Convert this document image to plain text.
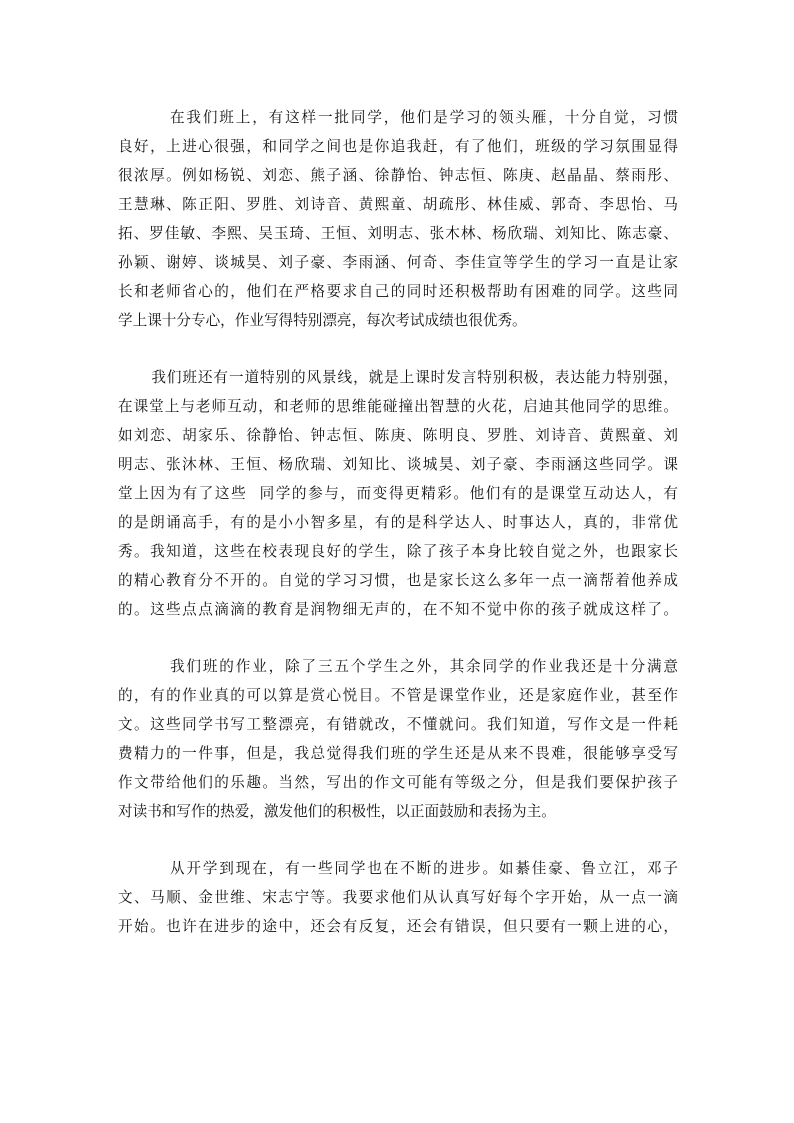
在我们班上，有这样一批同学，他们是学习的领头雁，十分自觉，习惯
良好，上进心很强，和同学之间也是你追我赶，有了他们，班级的学习氛围显得
很浓厚。例如杨锐、刘恋、熊子涵、徐静怡、钟志恒、陈庚、赵晶晶、蔡雨彤、
王慧琳、陈正阳、罗胜、刘诗音、黄熙童、胡疏彤、林佳威、郭奇、李思怡、马
拓、罗佳敏、李熙、吴玉琦、王恒、刘明志、张木林、杨欣瑞、刘知比、陈志豪、
孙颖、谢婷、谈城昊、刘子豪、李雨涵、何奇、李佳宣等学生的学习一直是让家
长和老师省心的，他们在严格要求自己的同时还积极帮助有困难的同学。这些同
学上课十分专心，作业写得特别漂亮，每次考试成绩也很优秀。
我们班还有一道特别的风景线，就是上课时发言特别积极，表达能力特别强，
在课堂上与老师互动，和老师的思维能碰撞出智慧的火花，启迪其他同学的思维。
如刘恋、胡家乐、徐静怡、钟志恒、陈庚、陈明良、罗胜、刘诗音、黄熙童、刘
明志、张沐林、王恒、杨欣瑞、刘知比、谈城昊、刘子豪、李雨涵这些同学。课
堂上因为有了这些  同学的参与，而变得更精彩。他们有的是课堂互动达人，有
的是朗诵高手，有的是小小智多星，有的是科学达人、时事达人，真的，非常优
秀。我知道，这些在校表现良好的学生，除了孩子本身比较自觉之外，也跟家长
的精心教育分不开的。自觉的学习习惯，也是家长这么多年一点一滴帮着他养成
的。这些点点滴滴的教育是润物细无声的，在不知不觉中你的孩子就成这样了。
我们班的作业，除了三五个学生之外，其余同学的作业我还是十分满意
的，有的作业真的可以算是赏心悦目。不管是课堂作业，还是家庭作业，甚至作
文。这些同学书写工整漂亮，有错就改，不懂就问。我们知道，写作文是一件耗
费精力的一件事，但是，我总觉得我们班的学生还是从来不畏难，很能够享受写
作文带给他们的乐趣。当然，写出的作文可能有等级之分，但是我们要保护孩子
对读书和写作的热爱，激发他们的积极性，以正面鼓励和表扬为主。
从开学到现在，有一些同学也在不断的进步。如綦佳豪、鲁立江，邓子
文、马顺、金世维、宋志宁等。我要求他们从认真写好每个字开始，从一点一滴
开始。也许在进步的途中，还会有反复，还会有错误，但只要有一颗上进的心，
